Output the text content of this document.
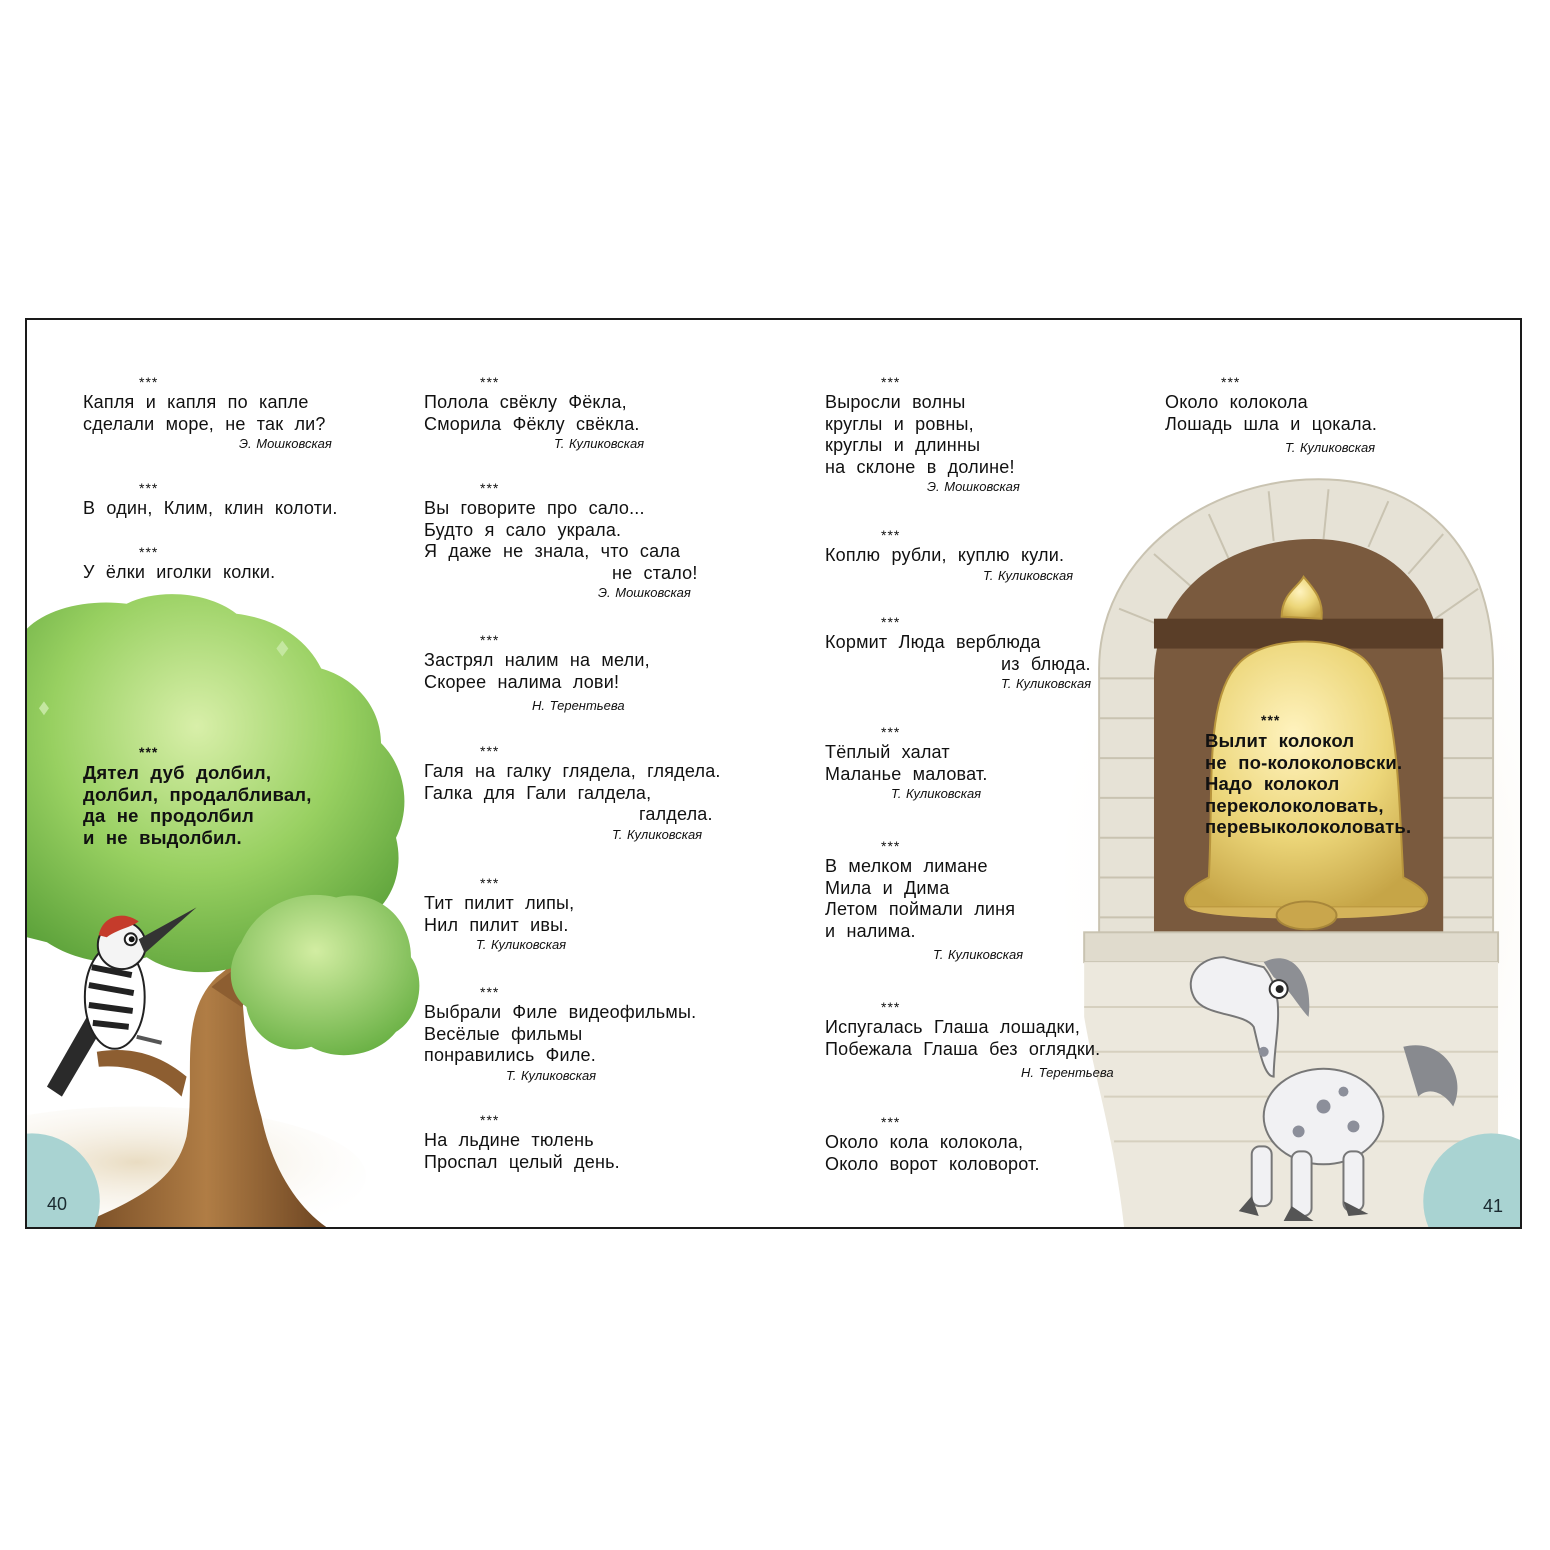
***
Капля и капля по капле
сделали море, не так ли?
Э. Мошковская
***
В один, Клим, клин колоти.
***
У ёлки иголки колки.
***
Дятел дуб долбил,
долбил, продалбливал,
да не продолбил
и не выдолбил.
***
Полола свёклу Фёкла,
Сморила Фёклу свёкла.
Т. Куликовская
***
Вы говорите про сало...
Будто я сало украла.
Я даже не знала, что сала
не стало!
Э. Мошковская
***
Застрял налим на мели,
Скорее налима лови!
Н. Терентьева
***
Галя на галку глядела, глядела.
Галка для Гали галдела,
галдела.
Т. Куликовская
***
Тит пилит липы,
Нил пилит ивы.
Т. Куликовская
***
Выбрали Филе видеофильмы.
Весёлые фильмы
понравились Филе.
Т. Куликовская
***
На льдине тюлень
Проспал целый день.
***
Выросли волны
круглы и ровны,
круглы и длинны
на склоне в долине!
Э. Мошковская
***
Коплю рубли, куплю кули.
Т. Куликовская
***
Кормит Люда верблюда
из блюда.
Т. Куликовская
***
Тёплый халат
Маланье маловат.
Т. Куликовская
***
В мелком лимане
Мила и Дима
Летом поймали линя
и налима.
Т. Куликовская
***
Испугалась Глаша лошадки,
Побежала Глаша без оглядки.
Н. Терентьева
***
Около кола колокола,
Около ворот коловорот.
***
Около колокола
Лошадь шла и цокала.
Т. Куликовская
***
Вылит колокол
не по-колоколовски.
Надо колокол
переколоколовать,
перевыколоколовать.
40	41
